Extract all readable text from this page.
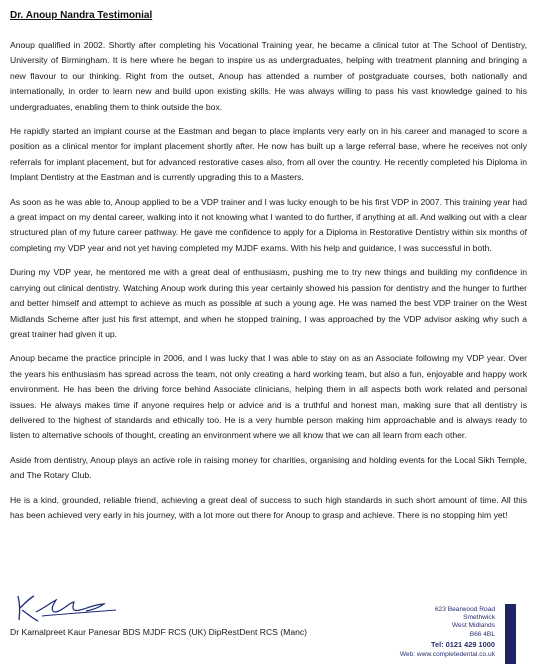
Dr. Anoup Nandra Testimonial

Anoup qualified in 2002. Shortly after completing his Vocational Training year, he became a clinical tutor at The School of Dentistry, University of Birmingham. It is here where he began to inspire us as undergraduates, helping with treatment planning and bringing a new flavour to our thinking. Right from the outset, Anoup has attended a number of postgraduate courses, both nationally and internationally, in order to learn new and build upon existing skills. He was always willing to pass his vast knowledge gained to his undergraduates, enabling them to think outside the box.

He rapidly started an implant course at the Eastman and began to place implants very early on in his career and managed to score a position as a clinical mentor for implant placement shortly after. He now has built up a large referral base, where he receives not only referrals for implant placement, but for advanced restorative cases also, from all over the country. He recently completed his Diploma in Implant Dentistry at the Eastman and is currently upgrading this to a Masters.

As soon as he was able to, Anoup applied to be a VDP trainer and I was lucky enough to be his first VDP in 2007. This training year had a great impact on my dental career, walking into it not knowing what I wanted to do further, if anything at all. And walking out with a clear structured plan of my future career pathway. He gave me confidence to apply for a Diploma in Restorative Dentistry within six months of completing my VDP year and not yet having completed my MJDF exams. With his help and guidance, I was successful in both.

During my VDP year, he mentored me with a great deal of enthusiasm, pushing me to try new things and building my confidence in carrying out clinical dentistry. Watching Anoup work during this year certainly showed his passion for dentistry and the hunger to further and better himself and attempt to achieve as much as possible at such a young age. He was named the best VDP trainer on the West Midlands Scheme after just his first attempt, and when he stopped training, I was approached by the VDP advisor asking why such a great trainer had given it up.

Anoup became the practice principle in 2006, and I was lucky that I was able to stay on as an Associate following my VDP year. Over the years his enthusiasm has spread across the team, not only creating a hard working team, but also a fun, enjoyable and happy work environment. He has been the driving force behind Associate clinicians, helping them in all aspects both work related and personal issues. He always makes time if anyone requires help or advice and is a truthful and honest man, making sure that all dentistry is delivered to the highest of standards and ethically too. He is a very humble person making him approachable and is always ready to listen to alternative schools of thought, creating an environment where we all know that we can all learn from each other.

Aside from dentistry, Anoup plays an active role in raising money for charities, organising and holding events for the Local Sikh Temple, and The Rotary Club.

He is a kind, grounded, reliable friend, achieving a great deal of success to such high standards in such short amount of time. All this has been achieved very early in his journey, with a lot more out there for Anoup to grasp and achieve. There is no stopping him yet!

Dr Kamalpreet Kaur Panesar BDS MJDF RCS (UK) DipRestDent RCS (Manc)
623 Bearwood Road
Smethwick
West Midlands
B66 4BL
Tel: 0121 429 1000
Web: www.completedental.co.uk
